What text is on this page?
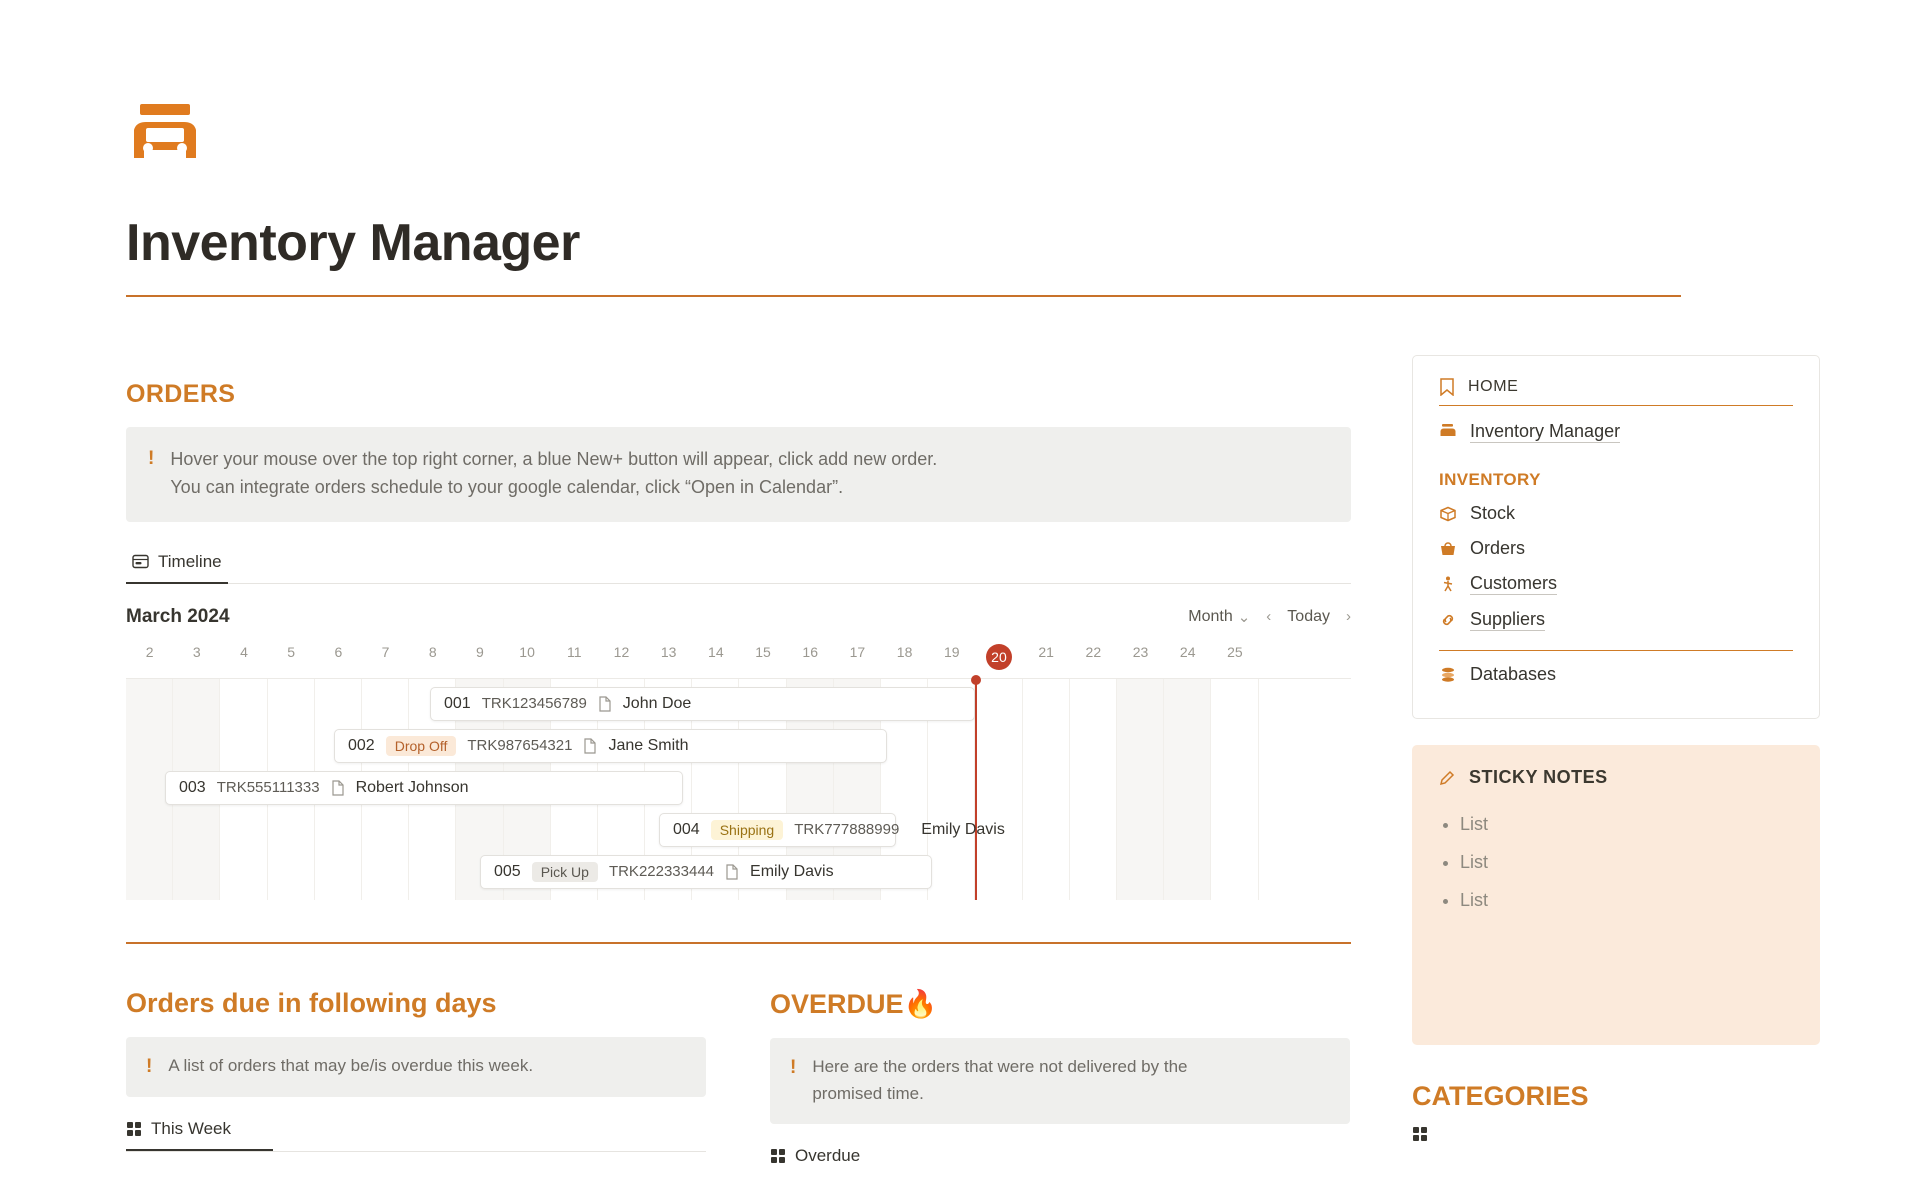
Inventory Manager
ORDERS
! Hover your mouse over the top right corner, a blue New+ button will appear, click add new order.
You can integrate orders schedule to your google calendar, click “Open in Calendar”.
Timeline
March 2024	Month ⌄ ‹ Today ›
2	3	4	5	6	7	8	9	10	11	12	13	14	15	16	17	18	19	20	21	22	23	24	25
001 TRK123456789 John Doe
002	Drop Off	TRK987654321 Jane Smith
003 TRK555111333 Robert Johnson
004	Shipping	TRK777888999 Emily Davis
005	Pick Up	TRK222333444 Emily Davis
Orders due in following days
! A list of orders that may be/is overdue this week.
This Week
OVERDUE🔥
! Here are the orders that were not delivered by the
promised time.
Overdue
HOME
Inventory Manager
INVENTORY
Stock
Orders
Customers
Suppliers
Databases
STICKY NOTES
• List
• List
• List
CATEGORIES
